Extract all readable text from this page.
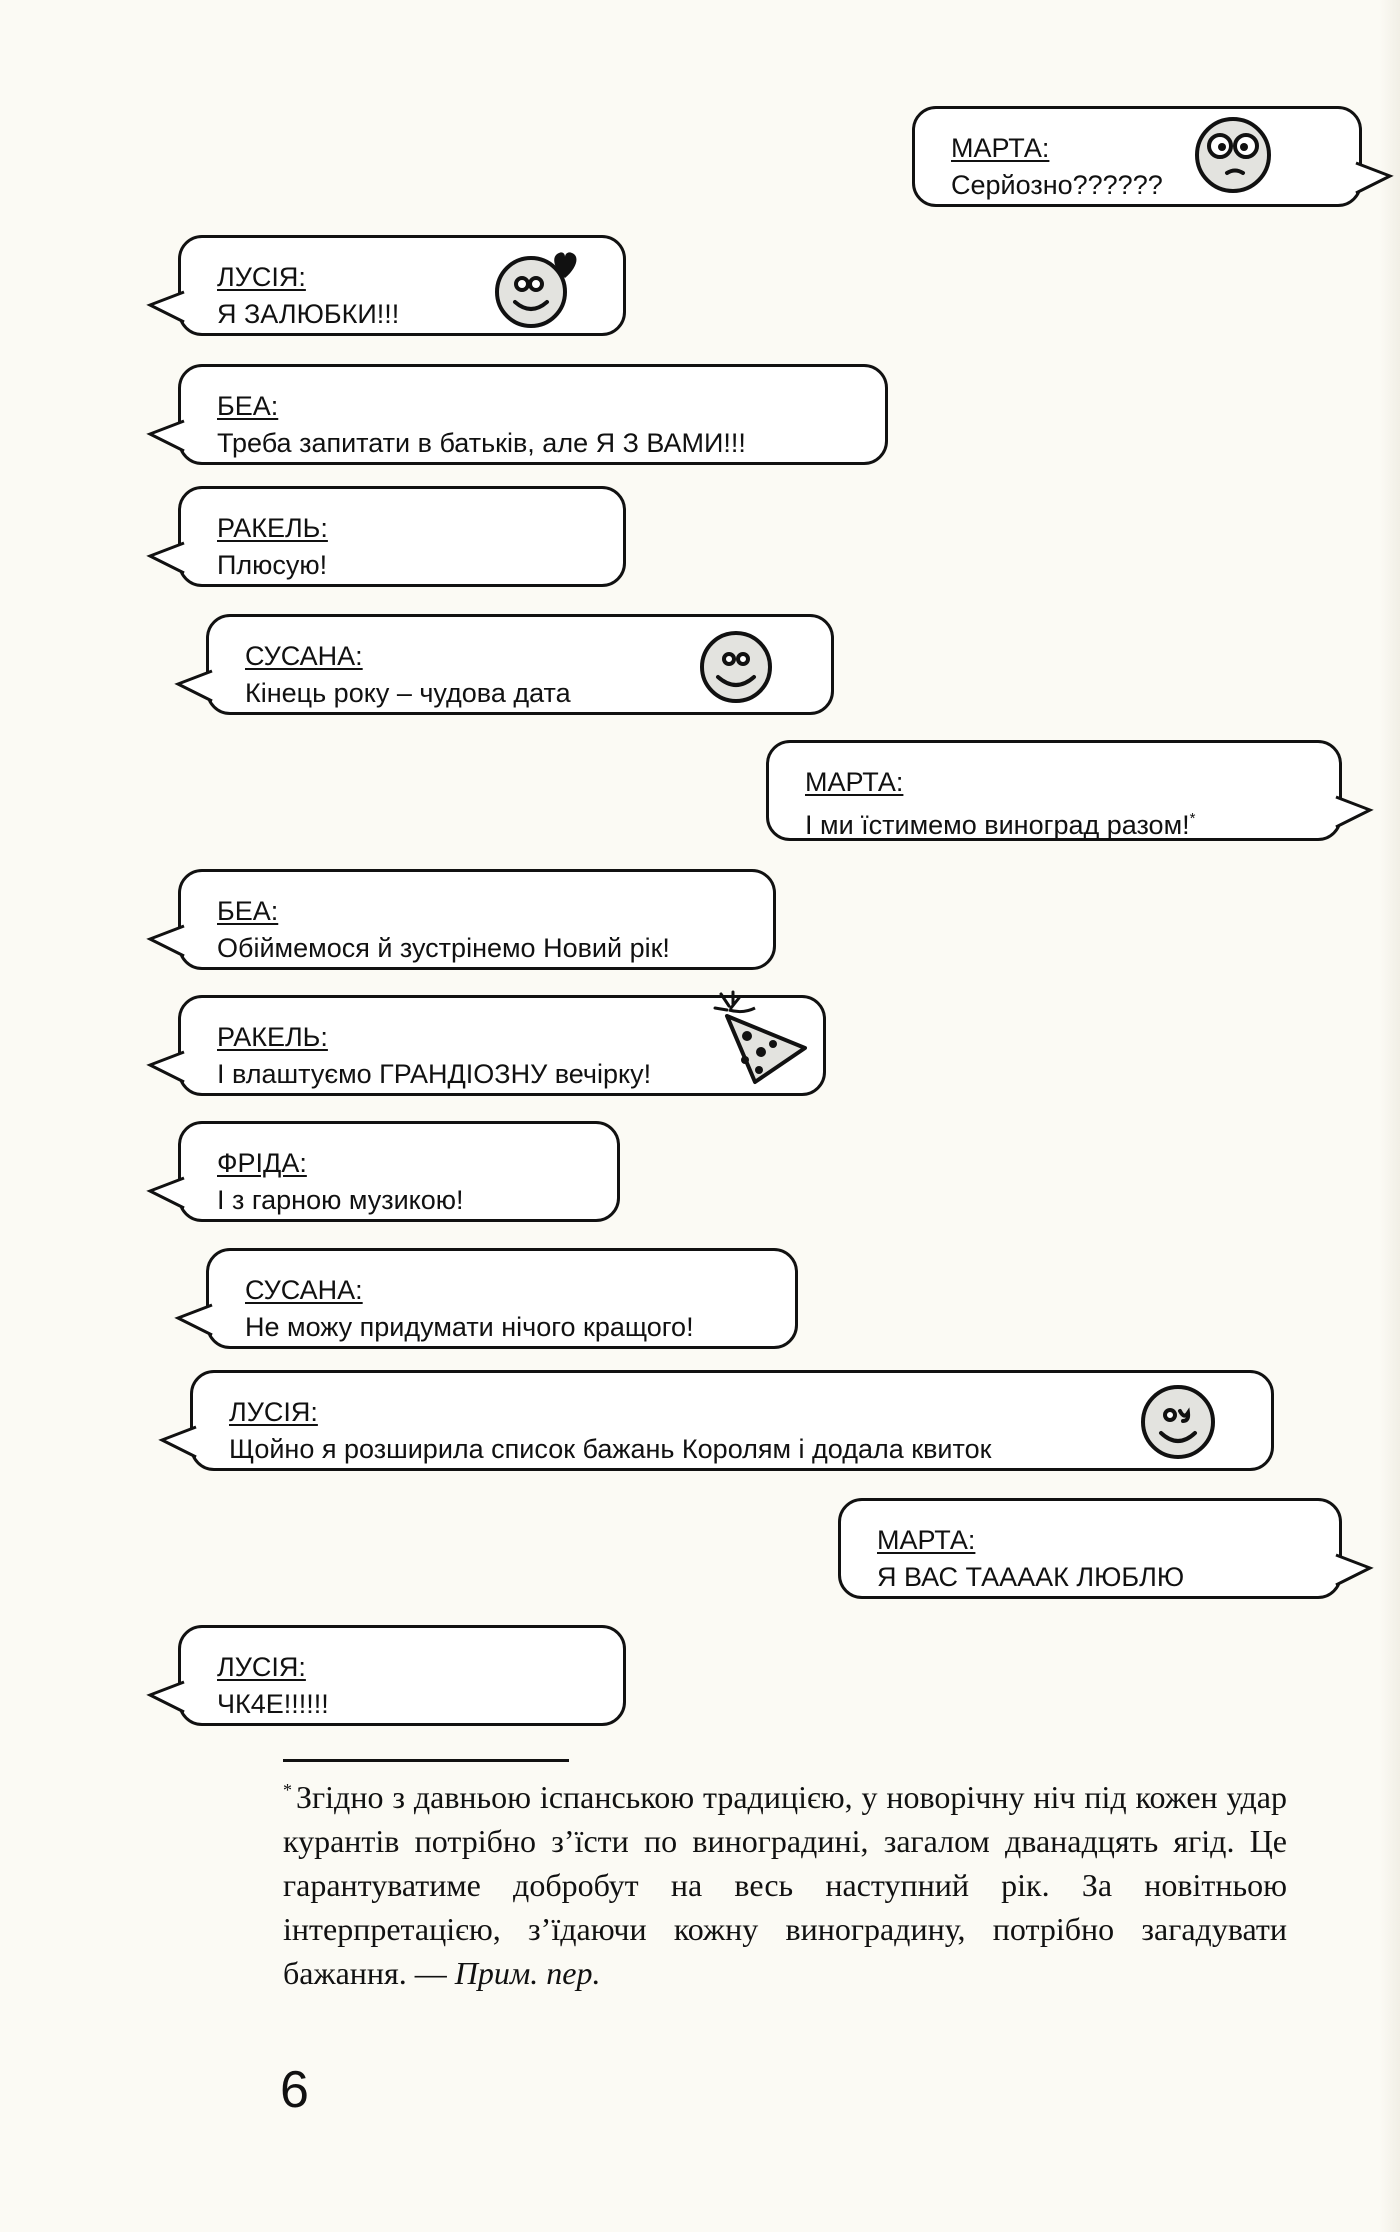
МАРТА:
Серйозно??????
ЛУСІЯ:
Я ЗАЛЮБКИ!!!
БЕА:
Треба запитати в батьків, але Я З ВАМИ!!!
РАКЕЛЬ:
Плюсую!
СУСАНА:
Кінець року – чудова дата
МАРТА:
І ми їстимемо виноград разом!*
БЕА:
Обіймемося й зустрінемо Новий рік!
РАКЕЛЬ:
І влаштуємо ГРАНДІОЗНУ вечірку!
ФРІДА:
І з гарною музикою!
СУСАНА:
Не можу придумати нічого кращого!
ЛУСІЯ:
Щойно я розширила список бажань Королям і додала квиток
МАРТА:
Я ВАС ТААААК ЛЮБЛЮ
ЛУСІЯ:
ЧК4Е!!!!!!
* Згідно з давньою іспанською традицією, у новорічну ніч під кожен удар курантів потрібно з’їсти по виноградині, загалом дванадцять ягід. Це гарантуватиме добробут на весь наступний рік. За новітньою інтерпретацією, з’їдаючи кожну виноградину, потрібно загадувати бажання. — Прим. пер.
6
